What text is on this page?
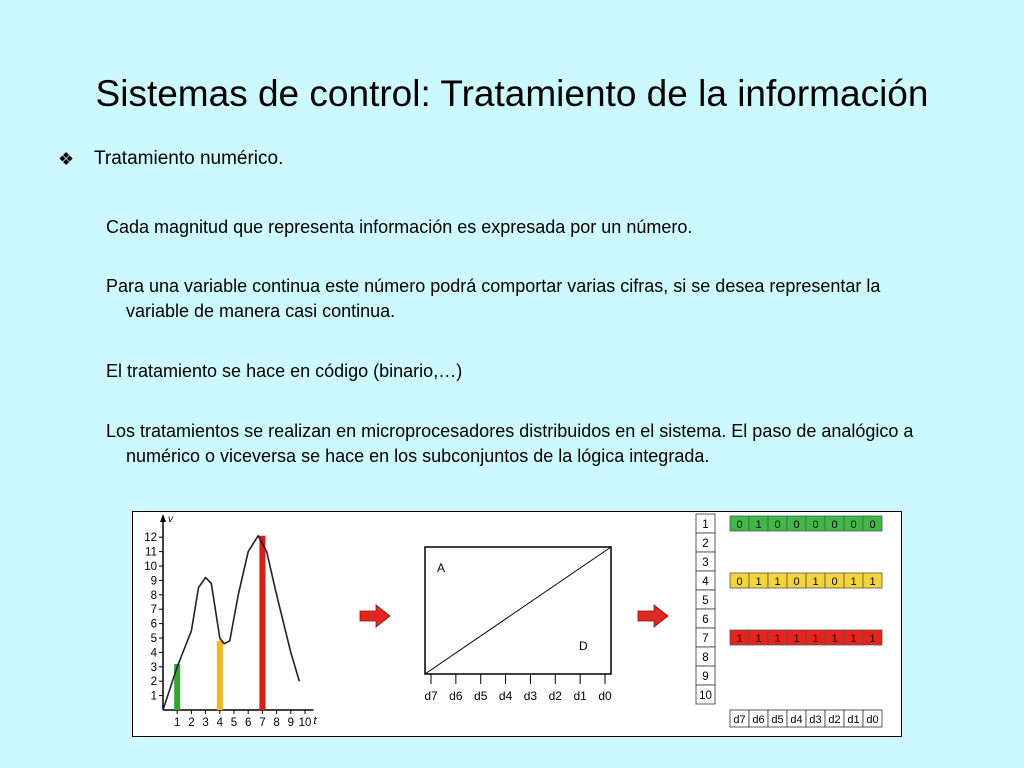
Sistemas de control: Tratamiento de la información
❖	Tratamiento numérico.

Cada magnitud que representa información es expresada por un número.

Para una variable continua este número podrá comportar varias cifras, si se desea representar la variable de manera casi continua.

El tratamiento se hace en código (binario,…)

Los tratamientos se realizan en microprocesadores distribuidos en el sistema. El paso de analógico a numérico o viceversa se hace en los subconjuntos de la lógica integrada.

v
t
1
2
3
4
5
6
7
8
9
10
11
12
1 2 3 4 5 6 7 8 9 10
A
D
d7 d6 d5 d4 d3 d2 d1 d0
1
2
3
4
5
6
7
8
9
10
0 1 0 0 0 0 0 0
0 1 1 0 1 0 1 1
1 1 1 1 1 1 1 1
d7 d6 d5 d4 d3 d2 d1 d0
